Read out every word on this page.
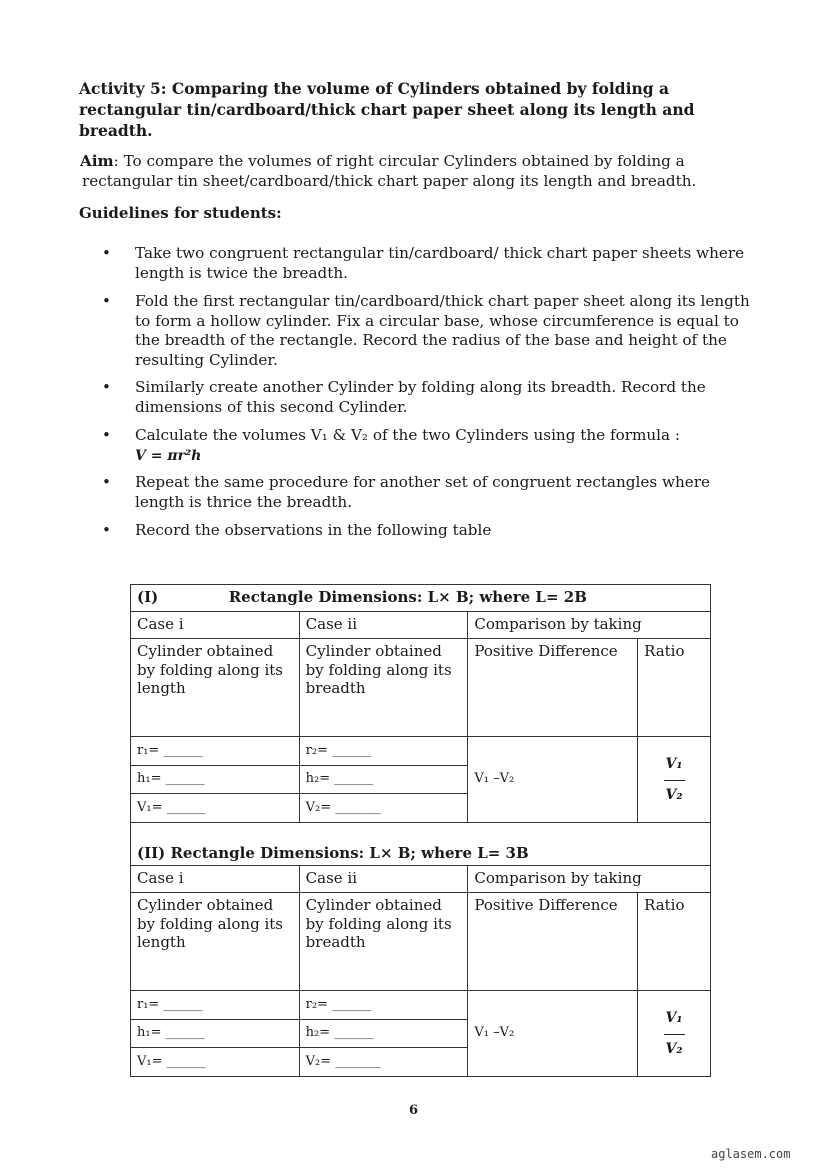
Activity 5: Comparing the volume of Cylinders obtained by folding a rectangular tin/cardboard/thick chart paper sheet along its length and breadth.
Aim: To compare the volumes of right circular Cylinders obtained by folding a
rectangular tin sheet/cardboard/thick chart paper along its length and breadth.
Guidelines for students:
• Take two congruent rectangular tin/cardboard/ thick chart paper sheets where length is twice the breadth.
• Fold the first rectangular tin/cardboard/thick chart paper sheet along its length to form a hollow cylinder. Fix a circular base, whose circumference is equal to the breadth of the rectangle. Record the radius of the base and height of the resulting Cylinder.
• Similarly create another Cylinder by folding along its breadth. Record the dimensions of this second Cylinder.
• Calculate the volumes V₁ & V₂ of the two Cylinders using the formula :
V = πr²h
• Repeat the same procedure for another set of congruent rectangles where length is thrice the breadth.
• Record the observations in the following table
(I) Rectangle Dimensions: L× B; where L= 2B			
Case i	Case ii	Comparison by taking	
Cylinder obtained by folding along its length	Cylinder obtained by folding along its breadth	Positive Difference	Ratio
r₁= ______	r₂= ______	V₁ –V₂	$\frac{\text{V₁}}{\text{V₂}}$

h₁= ______	h₂= ______		
V₁= ______	V₂= _______		
(II) Rectangle Dimensions: L× B; where L= 3B			
Case i	Case ii	Comparison by taking	
Cylinder obtained by folding along its length	Cylinder obtained by folding along its breadth	Positive Difference	Ratio
r₁= ______	r₂= ______	V₁ –V₂	$\frac{\text{V₁}}{\text{V₂}}$

h₁= ______	h₂= ______		
V₁= ______	V₂= _______		
6
aglasem.com
